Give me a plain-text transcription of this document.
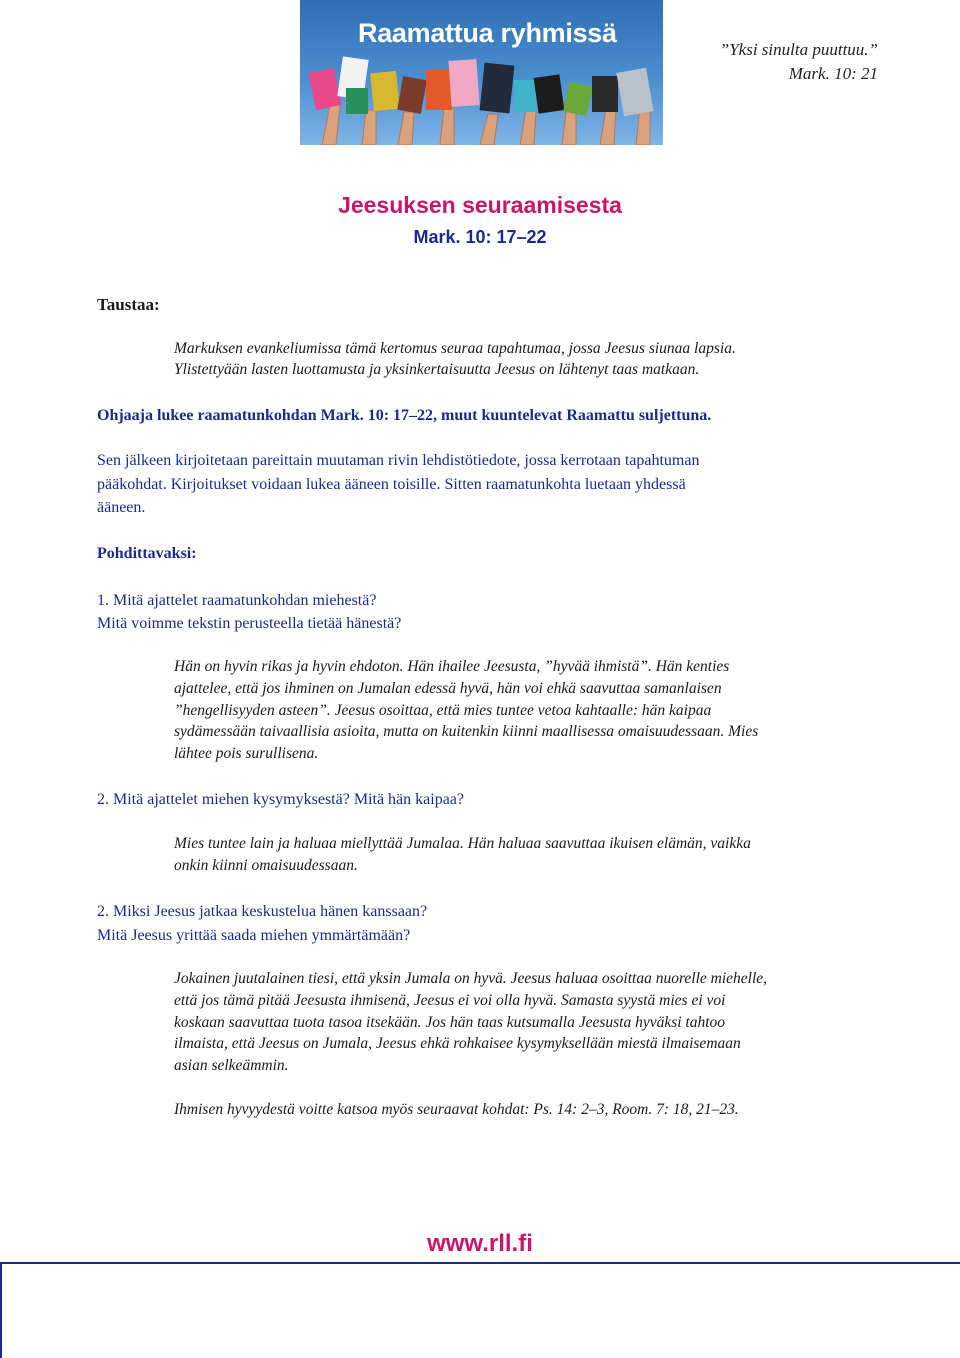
Raamattua ryhmissä
”Yksi sinulta puuttuu.”
Mark. 10: 21
Jeesuksen seuraamisesta
Mark. 10: 17–22
Taustaa:
Markuksen evankeliumissa tämä kertomus seuraa tapahtumaa, jossa Jeesus siunaa lapsia.
Ylistettyään lasten luottamusta ja yksinkertaisuutta Jeesus on lähtenyt taas matkaan.
Ohjaaja lukee raamatunkohdan Mark. 10: 17–22, muut kuuntelevat Raamattu suljettuna.
Sen jälkeen kirjoitetaan pareittain muutaman rivin lehdistötiedote, jossa kerrotaan tapahtuman
pääkohdat. Kirjoitukset voidaan lukea ääneen toisille. Sitten raamatunkohta luetaan yhdessä
ääneen.
Pohdittavaksi:
1. Mitä ajattelet raamatunkohdan miehestä?
Mitä voimme tekstin perusteella tietää hänestä?
Hän on hyvin rikas ja hyvin ehdoton. Hän ihailee Jeesusta, ”hyvää ihmistä”. Hän kenties
ajattelee, että jos ihminen on Jumalan edessä hyvä, hän voi ehkä saavuttaa samanlaisen
”hengellisyyden asteen”. Jeesus osoittaa, että mies tuntee vetoa kahtaalle: hän kaipaa
sydämessään taivaallisia asioita, mutta on kuitenkin kiinni maallisessa omaisuudessaan. Mies
lähtee pois surullisena.
2. Mitä ajattelet miehen kysymyksestä? Mitä hän kaipaa?
Mies tuntee lain ja haluaa miellyttää Jumalaa. Hän haluaa saavuttaa ikuisen elämän, vaikka
onkin kiinni omaisuudessaan.
2. Miksi Jeesus jatkaa keskustelua hänen kanssaan?
Mitä Jeesus yrittää saada miehen ymmärtämään?
Jokainen juutalainen tiesi, että yksin Jumala on hyvä. Jeesus haluaa osoittaa nuorelle miehelle,
että jos tämä pitää Jeesusta ihmisenä, Jeesus ei voi olla hyvä. Samasta syystä mies ei voi
koskaan saavuttaa tuota tasoa itsekään. Jos hän taas kutsumalla Jeesusta hyväksi tahtoo
ilmaista, että Jeesus on Jumala, Jeesus ehkä rohkaisee kysymyksellään miestä ilmaisemaan
asian selkeämmin.
Ihmisen hyvyydestä voitte katsoa myös seuraavat kohdat: Ps. 14: 2–3, Room. 7: 18, 21–23.
www.rll.fi
